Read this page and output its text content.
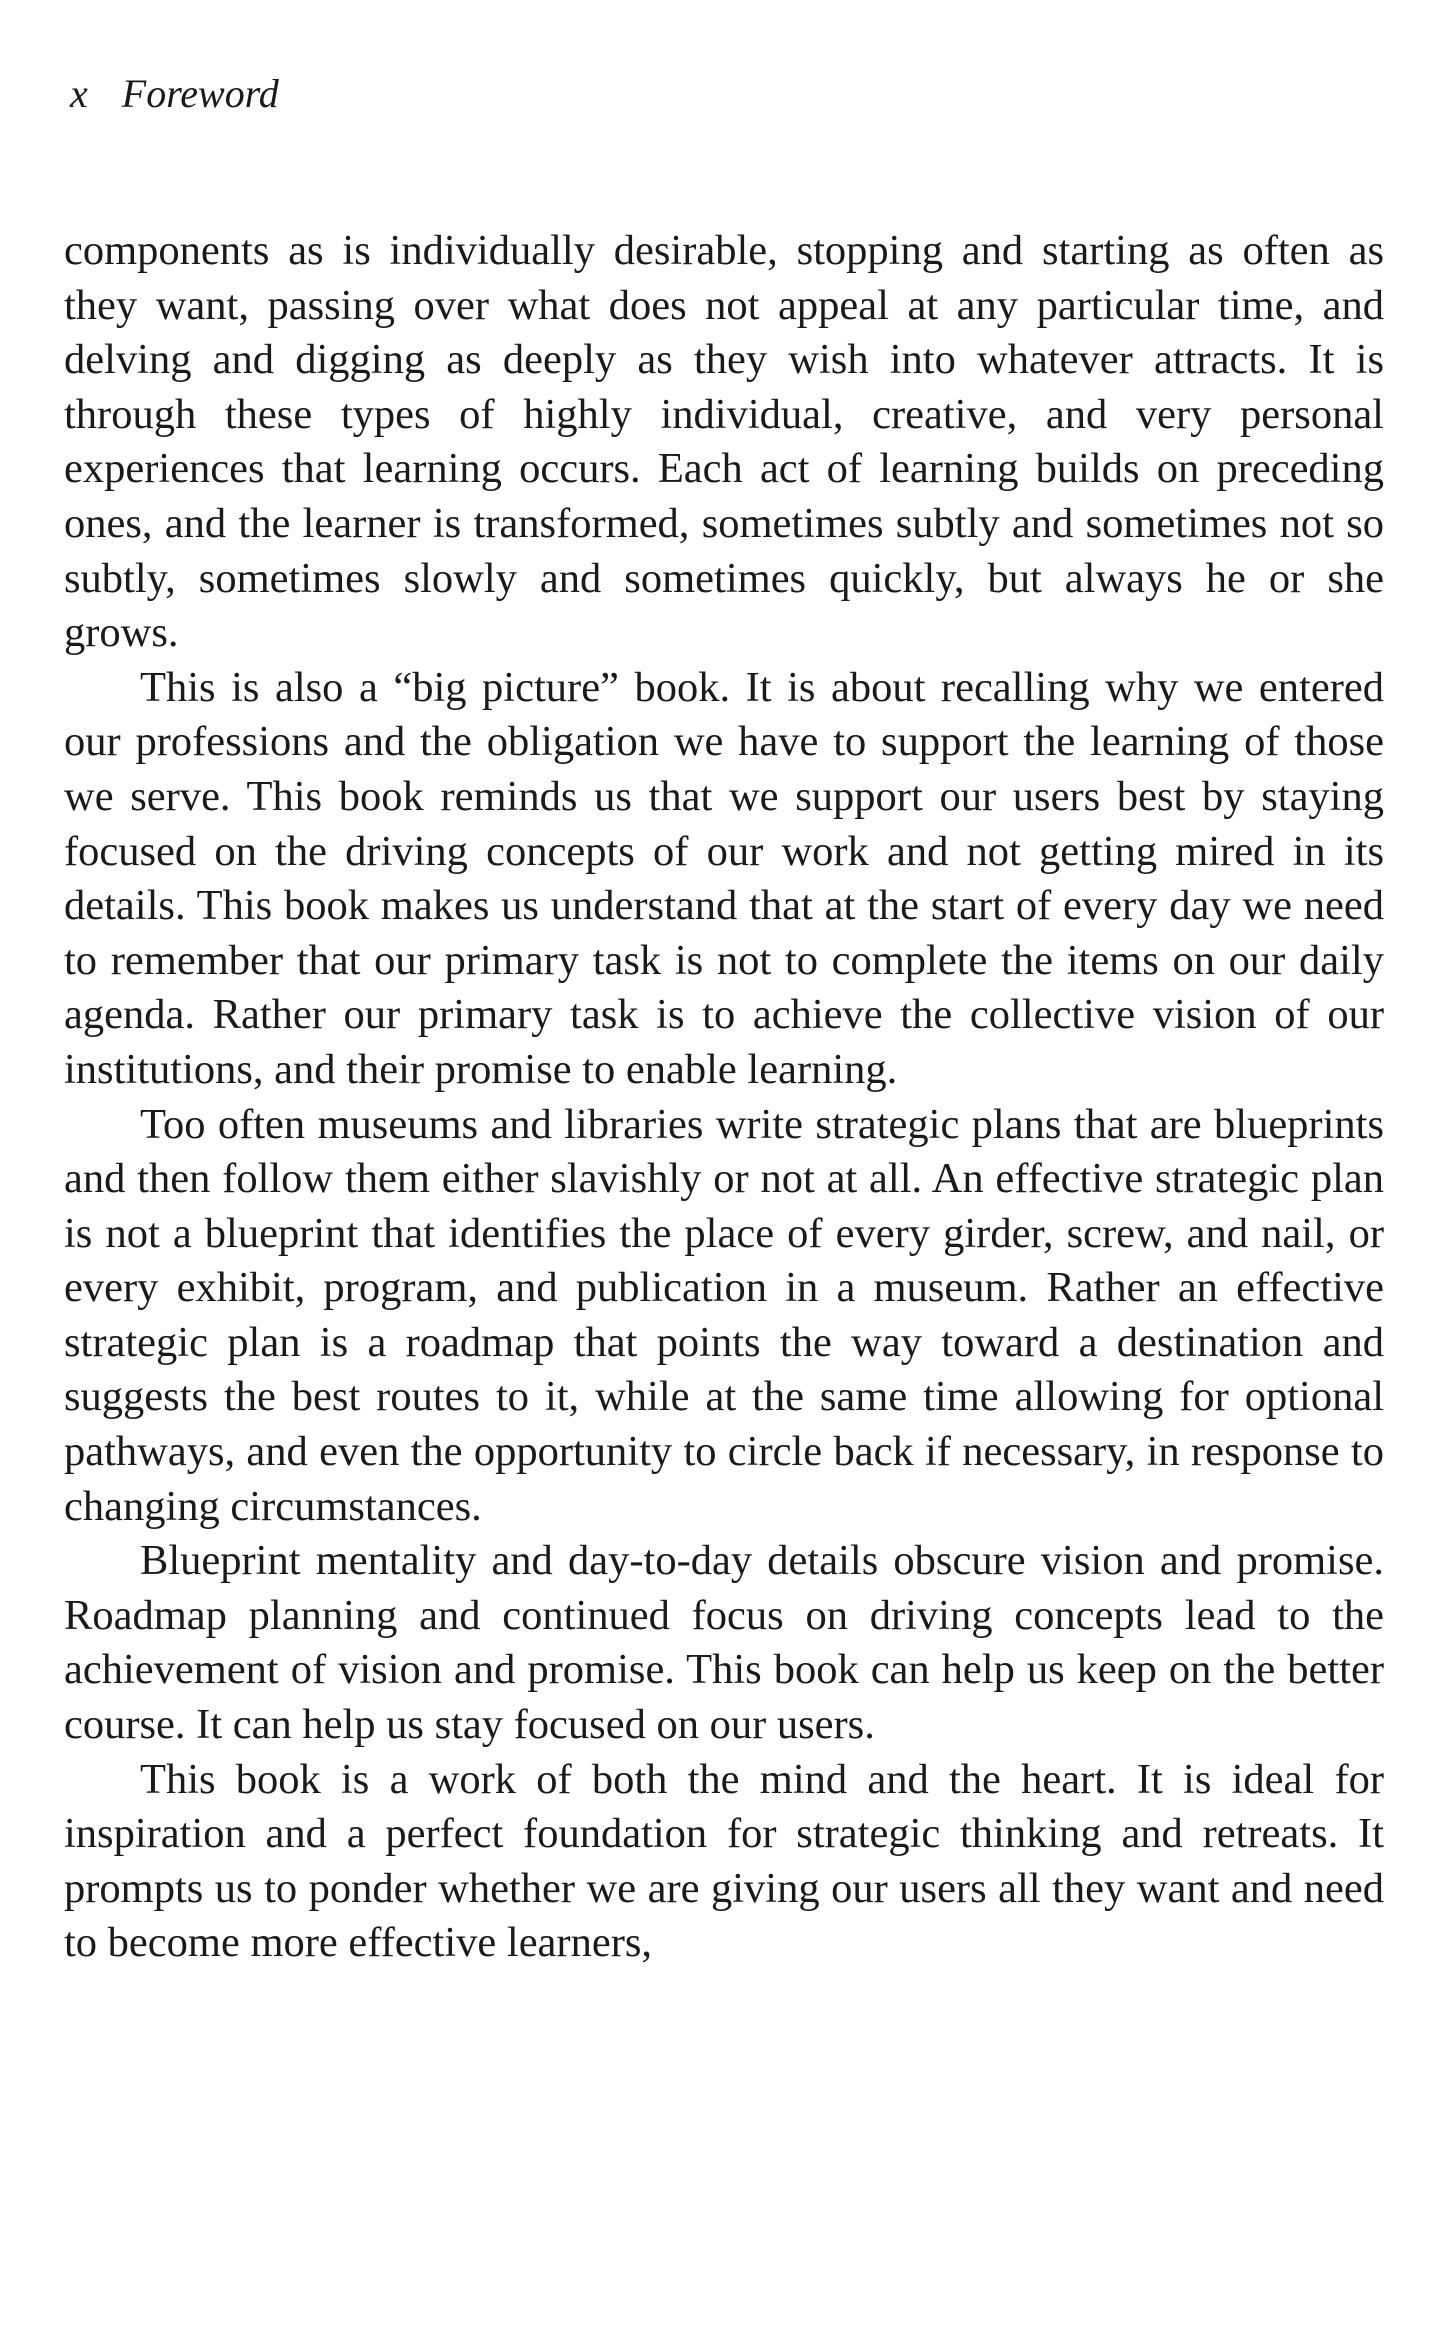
x Foreword

components as is individually desirable, stopping and starting as often as they want, passing over what does not appeal at any particular time, and delving and digging as deeply as they wish into whatever attracts. It is through these types of highly individual, creative, and very personal experiences that learning occurs. Each act of learning builds on preceding ones, and the learner is transformed, sometimes subtly and sometimes not so subtly, sometimes slowly and sometimes quickly, but always he or she grows.

This is also a “big picture” book. It is about recalling why we entered our professions and the obligation we have to support the learning of those we serve. This book reminds us that we support our users best by staying focused on the driving concepts of our work and not getting mired in its details. This book makes us understand that at the start of every day we need to remember that our primary task is not to complete the items on our daily agenda. Rather our primary task is to achieve the collective vision of our institutions, and their promise to enable learning.

Too often museums and libraries write strategic plans that are blueprints and then follow them either slavishly or not at all. An effective strategic plan is not a blueprint that identifies the place of every girder, screw, and nail, or every exhibit, program, and publication in a museum. Rather an effective strategic plan is a roadmap that points the way toward a destination and suggests the best routes to it, while at the same time allowing for optional pathways, and even the opportunity to circle back if necessary, in response to changing circumstances.

Blueprint mentality and day-to-day details obscure vision and promise. Roadmap planning and continued focus on driving concepts lead to the achievement of vision and promise. This book can help us keep on the better course. It can help us stay focused on our users.

This book is a work of both the mind and the heart. It is ideal for inspiration and a perfect foundation for strategic thinking and retreats. It prompts us to ponder whether we are giving our users all they want and need to become more effective learners,
